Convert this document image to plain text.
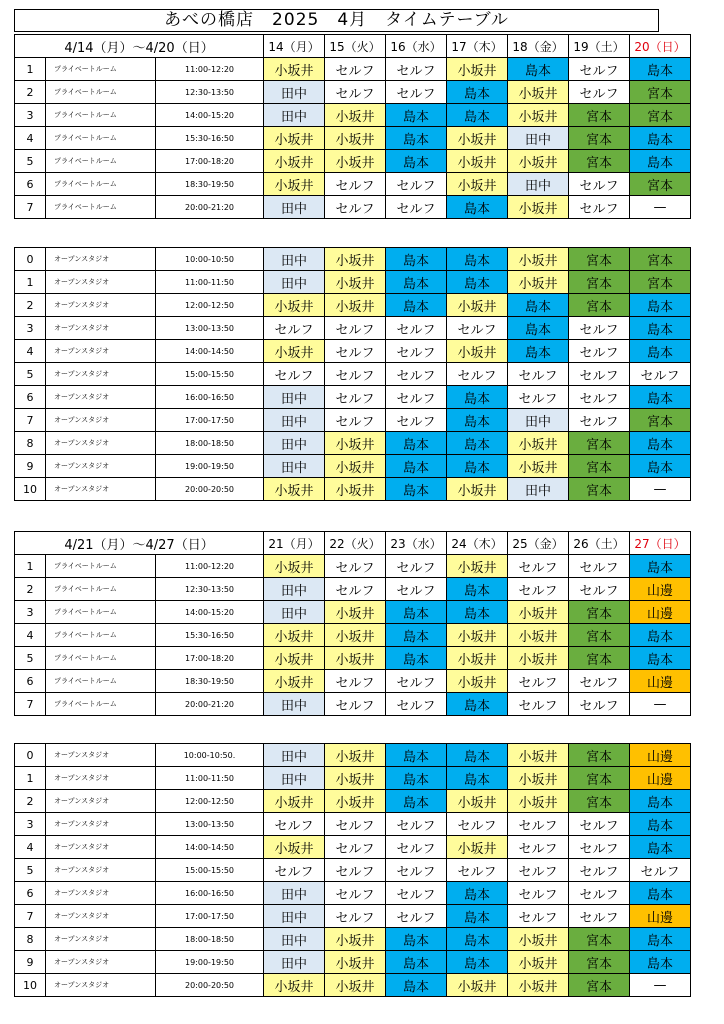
あべの橋店　2025　4月　タイムテーブル
4/14（月）〜4/20（日）			14（月）	15（火）	16（水）	17（木）	18（金）	19（土）	20（日）
1	プライベートルーム	11:00-12:20	小坂井	セルフ	セルフ	小坂井	島本	セルフ	島本
2	プライベートルーム	12:30-13:50	田中	セルフ	セルフ	島本	小坂井	セルフ	宮本
3	プライベートルーム	14:00-15:20	田中	小坂井	島本	島本	小坂井	宮本	宮本
4	プライベートルーム	15:30-16:50	小坂井	小坂井	島本	小坂井	田中	宮本	島本
5	プライベートルーム	17:00-18:20	小坂井	小坂井	島本	小坂井	小坂井	宮本	島本
6	プライベートルーム	18:30-19:50	小坂井	セルフ	セルフ	小坂井	田中	セルフ	宮本
7	プライベートルーム	20:00-21:20	田中	セルフ	セルフ	島本	小坂井	セルフ	—
0	オープンスタジオ	10:00-10:50	田中	小坂井	島本	島本	小坂井	宮本	宮本
1	オープンスタジオ	11:00-11:50	田中	小坂井	島本	島本	小坂井	宮本	宮本
2	オープンスタジオ	12:00-12:50	小坂井	小坂井	島本	小坂井	島本	宮本	島本
3	オープンスタジオ	13:00-13:50	セルフ	セルフ	セルフ	セルフ	島本	セルフ	島本
4	オープンスタジオ	14:00-14:50	小坂井	セルフ	セルフ	小坂井	島本	セルフ	島本
5	オープンスタジオ	15:00-15:50	セルフ	セルフ	セルフ	セルフ	セルフ	セルフ	セルフ
6	オープンスタジオ	16:00-16:50	田中	セルフ	セルフ	島本	セルフ	セルフ	島本
7	オープンスタジオ	17:00-17:50	田中	セルフ	セルフ	島本	田中	セルフ	宮本
8	オープンスタジオ	18:00-18:50	田中	小坂井	島本	島本	小坂井	宮本	島本
9	オープンスタジオ	19:00-19:50	田中	小坂井	島本	島本	小坂井	宮本	島本
10	オープンスタジオ	20:00-20:50	小坂井	小坂井	島本	小坂井	田中	宮本	—
4/21（月）〜4/27（日）			21（月）	22（火）	23（水）	24（木）	25（金）	26（土）	27（日）
1	プライベートルーム	11:00-12:20	小坂井	セルフ	セルフ	小坂井	セルフ	セルフ	島本
2	プライベートルーム	12:30-13:50	田中	セルフ	セルフ	島本	セルフ	セルフ	山邊
3	プライベートルーム	14:00-15:20	田中	小坂井	島本	島本	小坂井	宮本	山邊
4	プライベートルーム	15:30-16:50	小坂井	小坂井	島本	小坂井	小坂井	宮本	島本
5	プライベートルーム	17:00-18:20	小坂井	小坂井	島本	小坂井	小坂井	宮本	島本
6	プライベートルーム	18:30-19:50	小坂井	セルフ	セルフ	小坂井	セルフ	セルフ	山邊
7	プライベートルーム	20:00-21:20	田中	セルフ	セルフ	島本	セルフ	セルフ	—
0	オープンスタジオ	10:00-10:50.	田中	小坂井	島本	島本	小坂井	宮本	山邊
1	オープンスタジオ	11:00-11:50	田中	小坂井	島本	島本	小坂井	宮本	山邊
2	オープンスタジオ	12:00-12:50	小坂井	小坂井	島本	小坂井	小坂井	宮本	島本
3	オープンスタジオ	13:00-13:50	セルフ	セルフ	セルフ	セルフ	セルフ	セルフ	島本
4	オープンスタジオ	14:00-14:50	小坂井	セルフ	セルフ	小坂井	セルフ	セルフ	島本
5	オープンスタジオ	15:00-15:50	セルフ	セルフ	セルフ	セルフ	セルフ	セルフ	セルフ
6	オープンスタジオ	16:00-16:50	田中	セルフ	セルフ	島本	セルフ	セルフ	島本
7	オープンスタジオ	17:00-17:50	田中	セルフ	セルフ	島本	セルフ	セルフ	山邊
8	オープンスタジオ	18:00-18:50	田中	小坂井	島本	島本	小坂井	宮本	島本
9	オープンスタジオ	19:00-19:50	田中	小坂井	島本	島本	小坂井	宮本	島本
10	オープンスタジオ	20:00-20:50	小坂井	小坂井	島本	小坂井	小坂井	宮本	—
